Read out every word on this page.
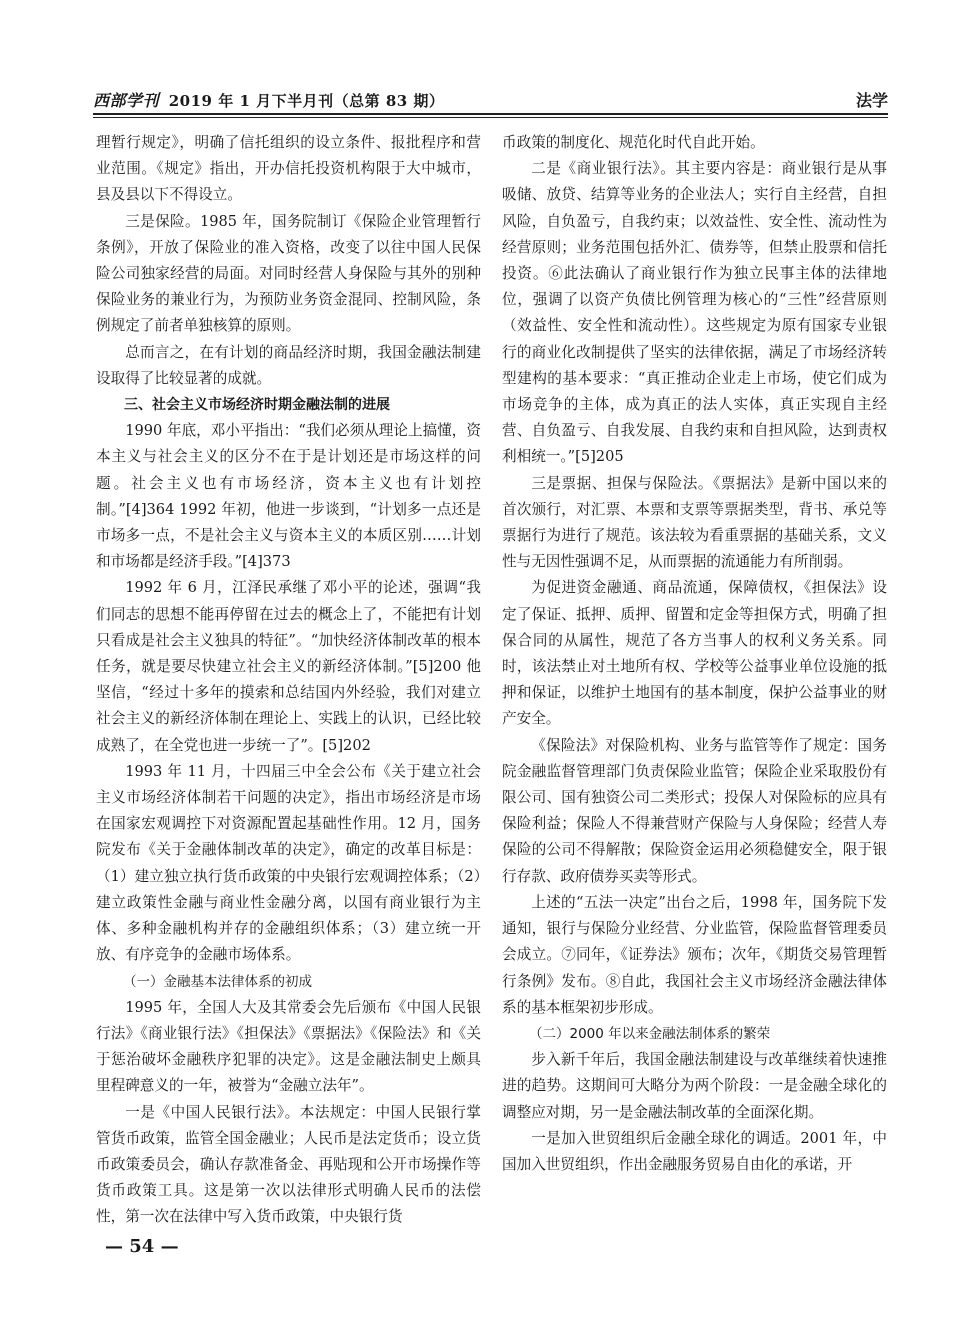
西部学刊 2019 年 1 月下半月刊（总第 83 期）	法学

理暂行规定》，明确了信托组织的设立条件、报批程序和营业范围。《规定》指出，开办信托投资机构限于大中城市，县及县以下不得设立。

三是保险。1985 年，国务院制订《保险企业管理暂行条例》，开放了保险业的准入资格，改变了以往中国人民保险公司独家经营的局面。对同时经营人身保险与其外的别种保险业务的兼业行为，为预防业务资金混同、控制风险，条例规定了前者单独核算的原则。

总而言之，在有计划的商品经济时期，我国金融法制建设取得了比较显著的成就。

三、社会主义市场经济时期金融法制的进展

1990 年底，邓小平指出：“我们必须从理论上搞懂，资本主义与社会主义的区分不在于是计划还是市场这样的问题。社会主义也有市场经济，资本主义也有计划控制。”[4]364 1992 年初，他进一步谈到，“计划多一点还是市场多一点，不是社会主义与资本主义的本质区别……计划和市场都是经济手段。”[4]373

1992 年 6 月，江泽民承继了邓小平的论述，强调“我们同志的思想不能再停留在过去的概念上了，不能把有计划只看成是社会主义独具的特征”。“加快经济体制改革的根本任务，就是要尽快建立社会主义的新经济体制。”[5]200 他坚信，“经过十多年的摸索和总结国内外经验，我们对建立社会主义的新经济体制在理论上、实践上的认识，已经比较成熟了，在全党也进一步统一了”。[5]202

1993 年 11 月，十四届三中全会公布《关于建立社会主义市场经济体制若干问题的决定》，指出市场经济是市场在国家宏观调控下对资源配置起基础性作用。12 月，国务院发布《关于金融体制改革的决定》，确定的改革目标是：（1）建立独立执行货币政策的中央银行宏观调控体系；（2）建立政策性金融与商业性金融分离，以国有商业银行为主体、多种金融机构并存的金融组织体系；（3）建立统一开放、有序竞争的金融市场体系。

（一）金融基本法律体系的初成

1995 年，全国人大及其常委会先后颁布《中国人民银行法》《商业银行法》《担保法》《票据法》《保险法》和《关于惩治破坏金融秩序犯罪的决定》。这是金融法制史上颇具里程碑意义的一年，被誉为“金融立法年”。

一是《中国人民银行法》。本法规定：中国人民银行掌管货币政策，监管全国金融业；人民币是法定货币；设立货币政策委员会，确认存款准备金、再贴现和公开市场操作等货币政策工具。这是第一次以法律形式明确人民币的法偿性，第一次在法律中写入货币政策，中央银行货

币政策的制度化、规范化时代自此开始。

二是《商业银行法》。其主要内容是：商业银行是从事吸储、放贷、结算等业务的企业法人；实行自主经营，自担风险，自负盈亏，自我约束；以效益性、安全性、流动性为经营原则；业务范围包括外汇、债券等，但禁止股票和信托投资。⑥此法确认了商业银行作为独立民事主体的法律地位，强调了以资产负债比例管理为核心的“三性”经营原则（效益性、安全性和流动性）。这些规定为原有国家专业银行的商业化改制提供了坚实的法律依据，满足了市场经济转型建构的基本要求：“真正推动企业走上市场，使它们成为市场竞争的主体，成为真正的法人实体，真正实现自主经营、自负盈亏、自我发展、自我约束和自担风险，达到责权利相统一。”[5]205

三是票据、担保与保险法。《票据法》是新中国以来的首次颁行，对汇票、本票和支票等票据类型，背书、承兑等票据行为进行了规范。该法较为看重票据的基础关系，文义性与无因性强调不足，从而票据的流通能力有所削弱。

为促进资金融通、商品流通，保障债权，《担保法》设定了保证、抵押、质押、留置和定金等担保方式，明确了担保合同的从属性，规范了各方当事人的权利义务关系。同时，该法禁止对土地所有权、学校等公益事业单位设施的抵押和保证，以维护土地国有的基本制度，保护公益事业的财产安全。

《保险法》对保险机构、业务与监管等作了规定：国务院金融监督管理部门负责保险业监管；保险企业采取股份有限公司、国有独资公司二类形式；投保人对保险标的应具有保险利益；保险人不得兼营财产保险与人身保险；经营人寿保险的公司不得解散；保险资金运用必须稳健安全，限于银行存款、政府债券买卖等形式。

上述的“五法一决定”出台之后，1998 年，国务院下发通知，银行与保险分业经营、分业监管，保险监督管理委员会成立。⑦同年，《证券法》颁布；次年，《期货交易管理暂行条例》发布。⑧自此，我国社会主义市场经济金融法律体系的基本框架初步形成。

（二）2000 年以来金融法制体系的繁荣

步入新千年后，我国金融法制建设与改革继续着快速推进的趋势。这期间可大略分为两个阶段：一是金融全球化的调整应对期，另一是金融法制改革的全面深化期。

一是加入世贸组织后金融全球化的调适。2001 年，中国加入世贸组织，作出金融服务贸易自由化的承诺，开

— 54 —
